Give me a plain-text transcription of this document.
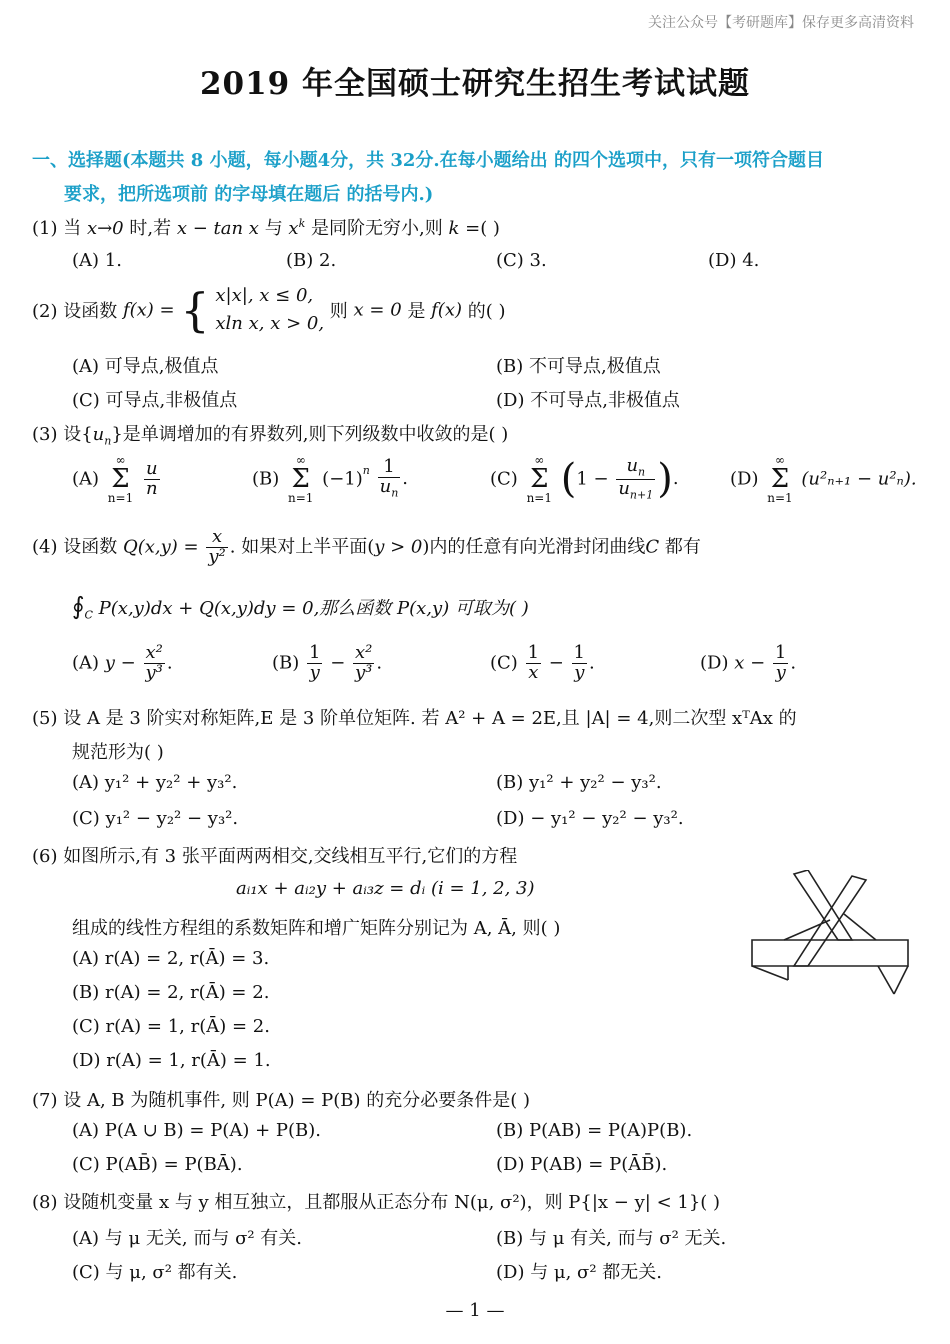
关注公众号【考研题库】保存更多高清资料
2019 年全国硕士研究生招生考试试题
一、选择题(本题共 8 小题，每小题4分，共 32分.在每小题给出 的四个选项中，只有一项符合题目
要求，把所选项前 的字母填在题后 的括号内.)
(1) 当 x→0 时,若 x − tan x 与 $x^k$ 是同阶无穷小,则 k =( )
(A) 1.	(B) 2.	(C) 3.	(D) 4.
(2) 设函数 f(x) = { x|x|, x ≤ 0,
xln x, x > 0,
则 x = 0 是 f(x) 的( )
(A) 可导点,极值点	(B) 不可导点,极值点
(C) 可导点,非极值点	(D) 不可导点,非极值点
(3) 设$\{u_n\}$是单调增加的有界数列,则下列级数中收敛的是( )
(A) ∞
Σ
$n=1 \frac{u}{n}$	(B) ∞
Σ
n=1 $(-1)^n \frac{1}{u_n}$ .	(C) ∞
Σ
n=1 ($1 - \frac{u_n}{u_{n+1}}$ ).	(D) ∞
Σ
n=1 (u²ₙ₊₁ − u²ₙ).
(4) 设函数 $Q(x,y) = \frac{x}{\text{y²}}$ . 如果对上半平面(y > 0)内的任意有向光滑封闭曲线C 都有
$∮_C$ P(x,y)dx + Q(x,y)dy = 0,那么函数 P(x,y) 可取为( )
(A) $y - \frac{\text{x²}}{\text{y³}}$ .	$(B) \frac{1}{y} - \frac{\text{x²}}{\text{y³}}$ .	$(C) \frac{1}{x} - \frac{1}{y}$ .	(D) $x - \frac{1}{y}$ .
(5) 设 A 是 3 阶实对称矩阵,E 是 3 阶单位矩阵. 若 A² + A = 2E,且 |A| = 4,则二次型 xᵀAx 的
规范形为( )
(A) y₁² + y₂² + y₃².	(B) y₁² + y₂² − y₃².
(C) y₁² − y₂² − y₃².	(D) − y₁² − y₂² − y₃².
(6) 如图所示,有 3 张平面两两相交,交线相互平行,它们的方程
aᵢ₁x + aᵢ₂y + aᵢ₃z = dᵢ (i = 1, 2, 3)
组成的线性方程组的系数矩阵和增广矩阵分别记为 A, Ā, 则( )
(A) r(A) = 2, r(Ā) = 3.
(B) r(A) = 2, r(Ā) = 2.
(C) r(A) = 1, r(Ā) = 2.
(D) r(A) = 1, r(Ā) = 1.
(7) 设 A, B 为随机事件, 则 P(A) = P(B) 的充分必要条件是( )
(A) P(A ∪ B) = P(A) + P(B).	(B) P(AB) = P(A)P(B).
(C) P(AB̄) = P(BĀ).	(D) P(AB) = P(ĀB̄).
(8) 设随机变量 x 与 y 相互独立，且都服从正态分布 N(μ, σ²)，则 P{|x − y| < 1}( )
(A) 与 μ 无关, 而与 σ² 有关.	(B) 与 μ 有关, 而与 σ² 无关.
(C) 与 μ, σ² 都有关.	(D) 与 μ, σ² 都无关.
— 1 —
